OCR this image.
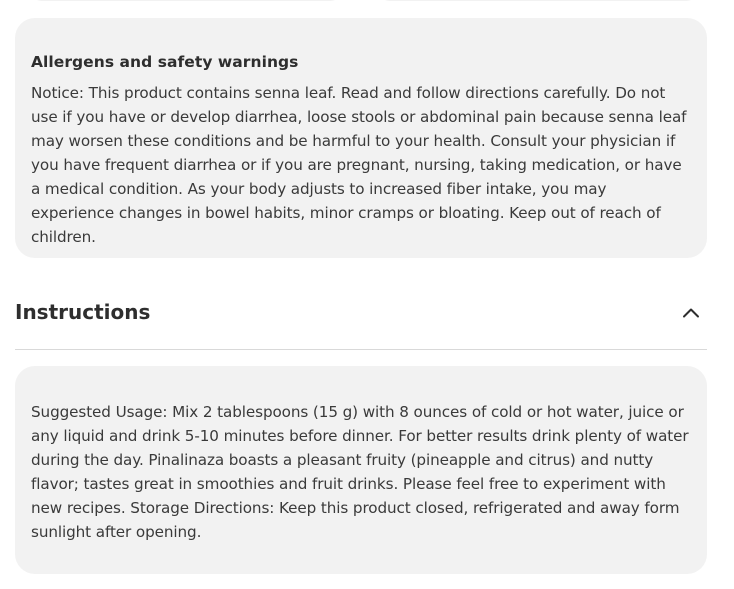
Allergens and safety warnings

Notice: This product contains senna leaf. Read and follow directions carefully. Do not use if you have or develop diarrhea, loose stools or abdominal pain because senna leaf may worsen these conditions and be harmful to your health. Consult your physician if you have frequent diarrhea or if you are pregnant, nursing, taking medication, or have a medical condition. As your body adjusts to increased fiber intake, you may experience changes in bowel habits, minor cramps or bloating. Keep out of reach of children.

Instructions

Suggested Usage: Mix 2 tablespoons (15 g) with 8 ounces of cold or hot water, juice or any liquid and drink 5-10 minutes before dinner. For better results drink plenty of water during the day. Pinalinaza boasts a pleasant fruity (pineapple and citrus) and nutty flavor; tastes great in smoothies and fruit drinks. Please feel free to experiment with new recipes. Storage Directions: Keep this product closed, refrigerated and away form sunlight after opening.
